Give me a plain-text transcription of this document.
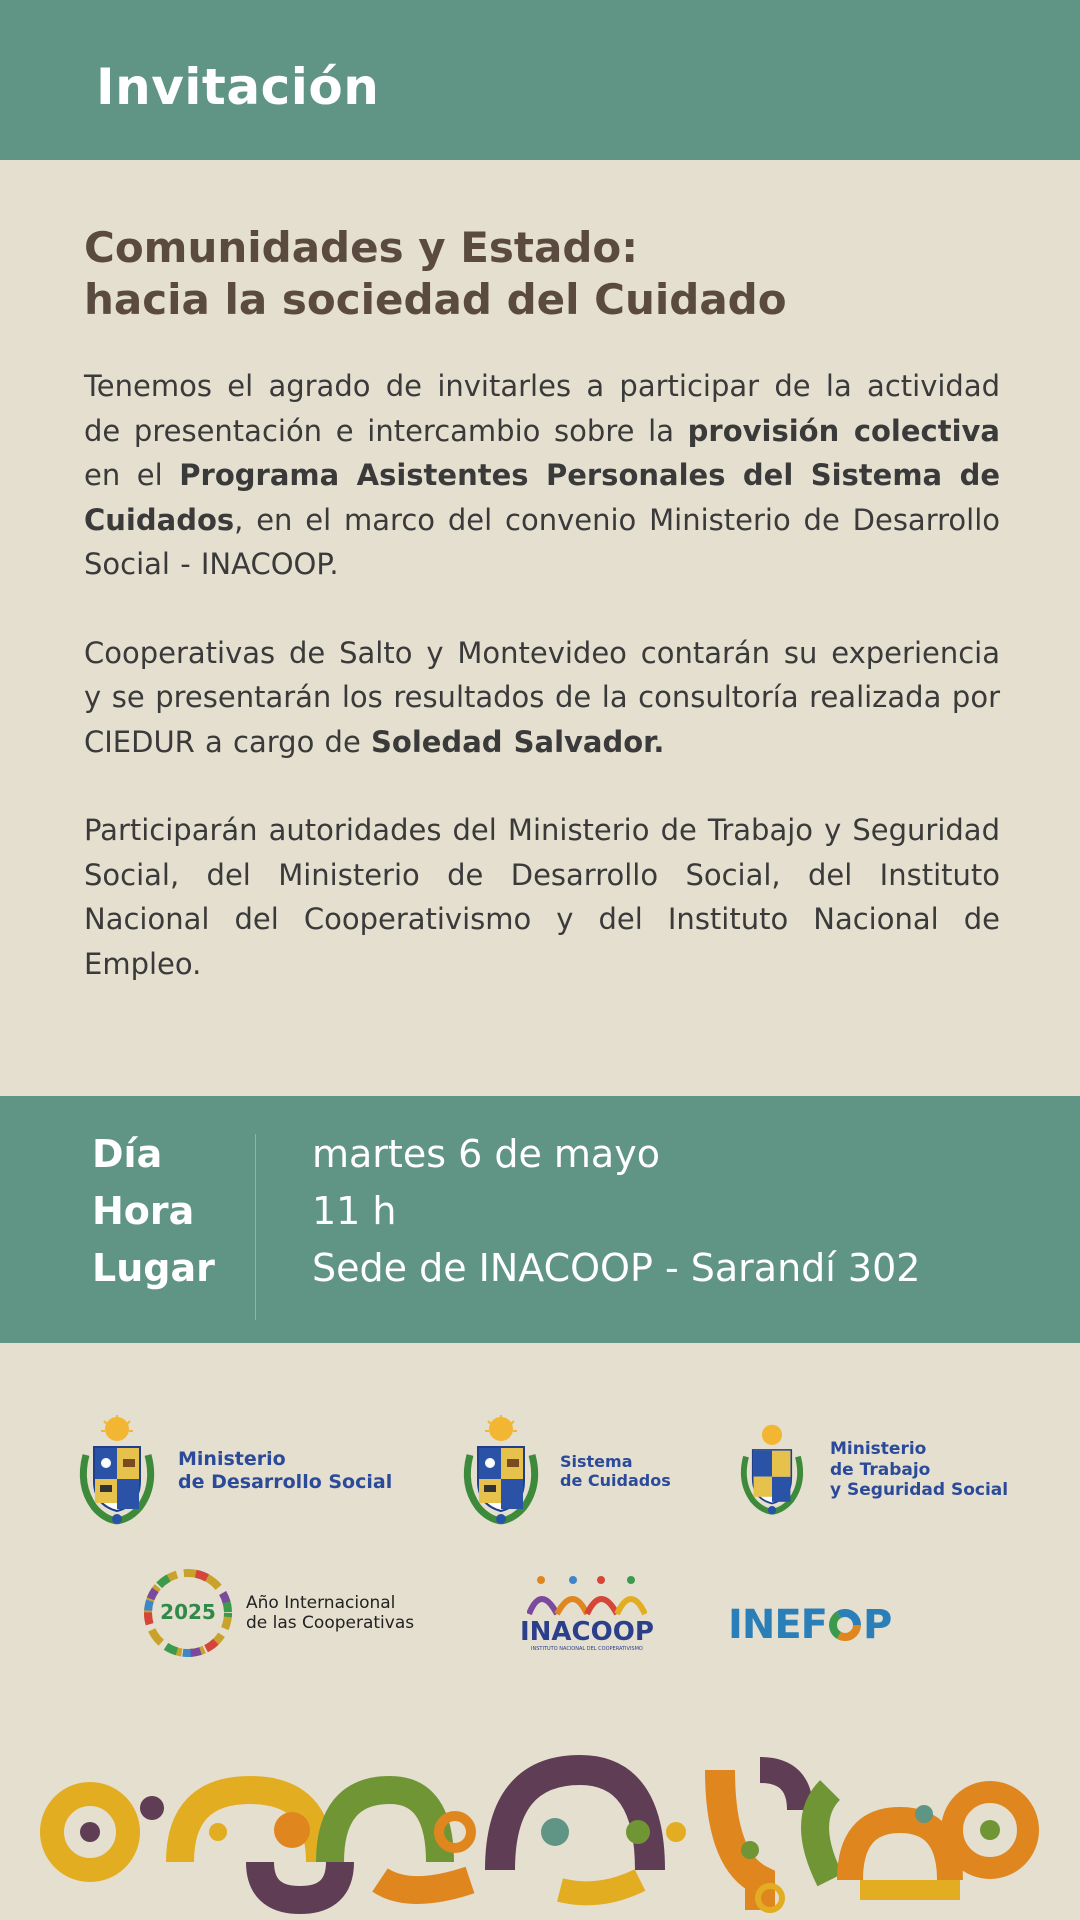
Invitación
Comunidades y Estado:
hacia la sociedad del Cuidado

Tenemos el agrado de invitarles a participar de la actividad de presentación e intercambio sobre la provisión colectiva en el Programa Asistentes Personales del Sistema de Cuidados, en el marco del convenio Ministerio de Desarrollo Social - INACOOP.

Cooperativas de Salto y Montevideo contarán su experiencia y se presentarán los resultados de la consultoría realizada por CIEDUR a cargo de Soledad Salvador.

Participarán autoridades del Ministerio de Trabajo y Seguridad Social, del Ministerio de Desarrollo Social, del Instituto Nacional del Cooperativismo y del Instituto Nacional de Empleo.

Día
Hora
Lugar
martes 6 de mayo
11 h
Sede de INACOOP - Sarandí 302
Ministerio
de Desarrollo Social
Sistema
de Cuidados
Ministerio
de Trabajo
y Seguridad Social
2025	Año Internacional
de las Cooperativas	INACOOP
INSTITUTO NACIONAL DEL COOPERATIVISMO
INEF P
